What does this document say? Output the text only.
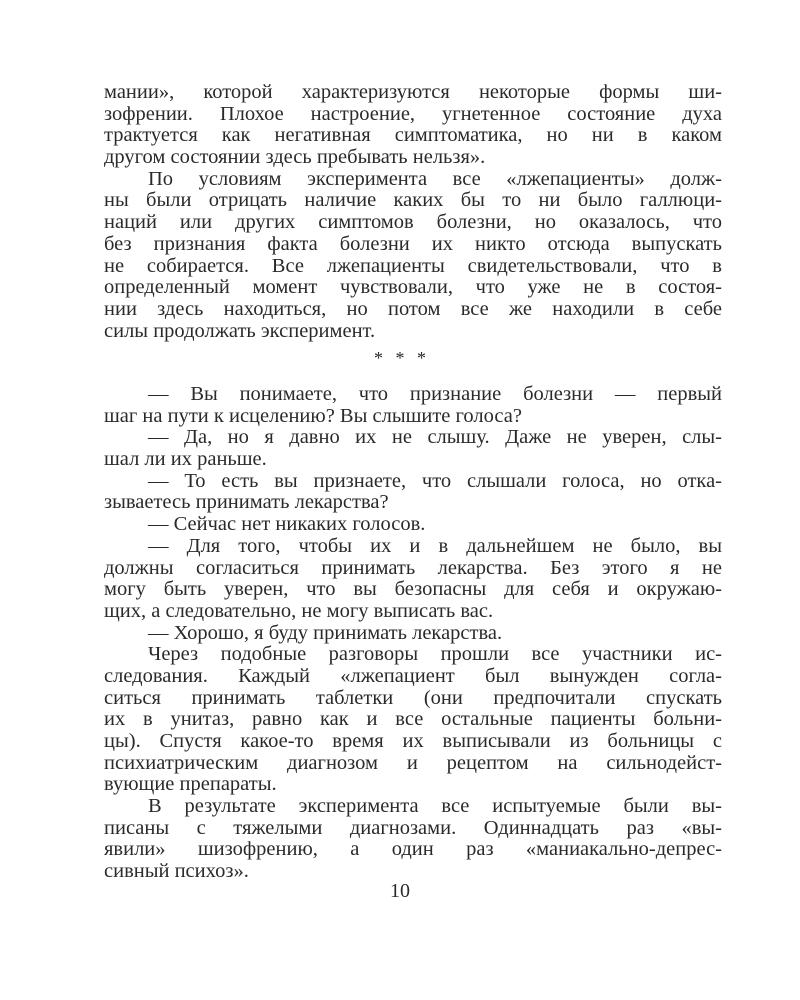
мании», которой характеризуются некоторые формы ши-
зофрении. Плохое настроение, угнетенное состояние духа
трактуется как негативная симптоматика, но ни в каком
другом состоянии здесь пребывать нельзя».
По условиям эксперимента все «лжепациенты» долж-
ны были отрицать наличие каких бы то ни было галлюци-
наций или других симптомов болезни, но оказалось, что
без признания факта болезни их никто отсюда выпускать
не собирается. Все лжепациенты свидетельствовали, что в
определенный момент чувствовали, что уже не в состоя-
нии здесь находиться, но потом все же находили в себе
силы продолжать эксперимент.
* * *
— Вы понимаете, что признание болезни — первый
шаг на пути к исцелению? Вы слышите голоса?
— Да, но я давно их не слышу. Даже не уверен, слы-
шал ли их раньше.
— То есть вы признаете, что слышали голоса, но отка-
зываетесь принимать лекарства?
— Сейчас нет никаких голосов.
— Для того, чтобы их и в дальнейшем не было, вы
должны согласиться принимать лекарства. Без этого я не
могу быть уверен, что вы безопасны для себя и окружаю-
щих, а следовательно, не могу выписать вас.
— Хорошо, я буду принимать лекарства.
Через подобные разговоры прошли все участники ис-
следования. Каждый «лжепациент был вынужден согла-
ситься принимать таблетки (они предпочитали спускать
их в унитаз, равно как и все остальные пациенты больни-
цы). Спустя какое-то время их выписывали из больницы с
психиатрическим диагнозом и рецептом на сильнодейст-
вующие препараты.
В результате эксперимента все испытуемые были вы-
писаны с тяжелыми диагнозами. Одиннадцать раз «вы-
явили» шизофрению, а один раз «маниакально-депрес-
сивный психоз».
10
